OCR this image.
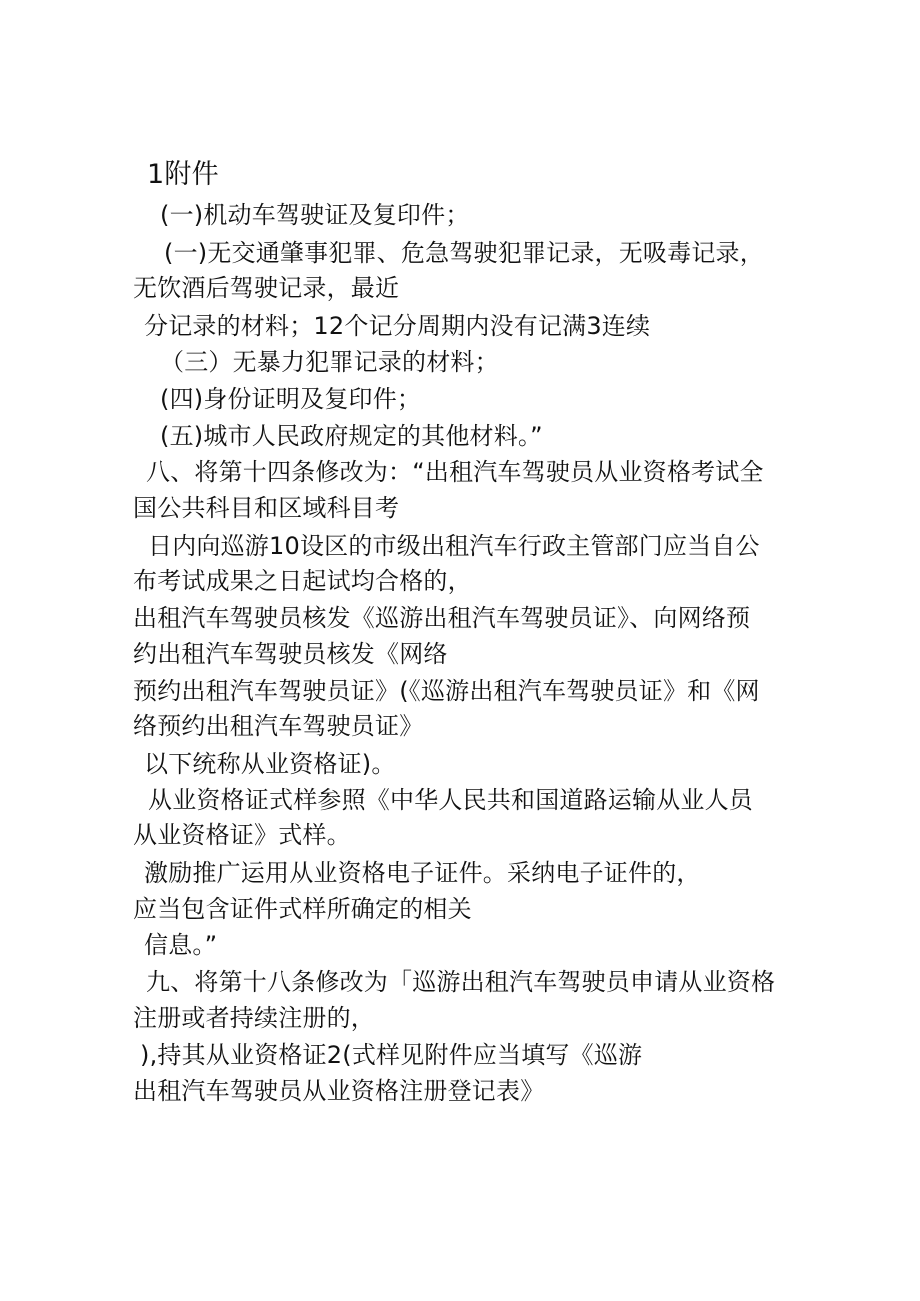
1附件
(一)机动车驾驶证及复印件；
(一)无交通肇事犯罪、危急驾驶犯罪记录，无吸毒记录，
无饮酒后驾驶记录，最近
分记录的材料；12个记分周期内没有记满3连续
（三）无暴力犯罪记录的材料；
(四)身份证明及复印件；
(五)城市人民政府规定的其他材料。”
八、将第十四条修改为：“出租汽车驾驶员从业资格考试全
国公共科目和区域科目考
日内向巡游10设区的市级出租汽车行政主管部门应当自公
布考试成果之日起试均合格的，
出租汽车驾驶员核发《巡游出租汽车驾驶员证》、向网络预
约出租汽车驾驶员核发《网络
预约出租汽车驾驶员证》(《巡游出租汽车驾驶员证》和《网
络预约出租汽车驾驶员证》
以下统称从业资格证)。
从业资格证式样参照《中华人民共和国道路运输从业人员
从业资格证》式样。
激励推广运用从业资格电子证件。采纳电子证件的，
应当包含证件式样所确定的相关
信息。”
九、将第十八条修改为「巡游出租汽车驾驶员申请从业资格
注册或者持续注册的，
),持其从业资格证2(式样见附件应当填写《巡游
出租汽车驾驶员从业资格注册登记表》
